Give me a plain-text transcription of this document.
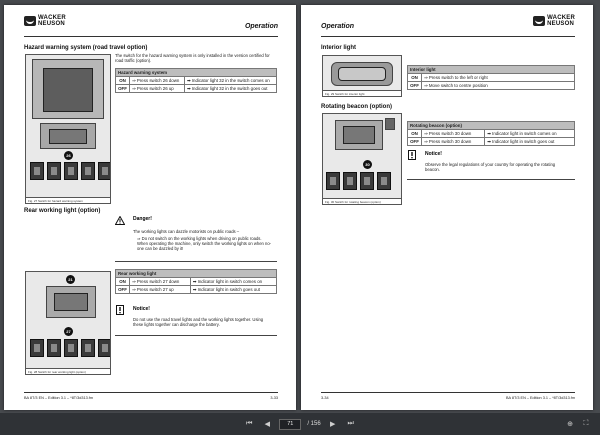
WACKER
NEUSON	Operation
Hazard warning system (road travel option)
The switch for the hazard warning system is only installed in the version certified for road traffic (option).
26
Fig. 27 Switch for hazard warning system
Hazard warning system		
ON	⇒ Press switch 26 down	➡ Indicator light 32 in the switch comes on
OFF	⇒ Press switch 26 up	➡ Indicator light 32 in the switch goes out
Rear working light (option)
Danger!
The working lights can dazzle motorists on public roads –
⇒ Do not switch on the working lights when driving on public roads. When operating the machine, only switch the working lights on when no-one can be dazzled by it!
21
27
Fig. 28 Switch for rear working light (option)
Rear working light		
ON	⇒ Press switch 27 down	➡ Indicator light in switch comes on
OFF	⇒ Press switch 27 up	➡ Indicator light in switch goes out
Notice!
Do not use the road travel lights and the working lights together. Using these lights together can discharge the battery.
BA 8T/3 EN – Edition 3.1 – *8T/3d313.fm	3-33
Operation
WACKER
NEUSON
Interior light
Fig. 29 Switch for interior light
Interior light	
ON	⇒ Press switch to the left or right
OFF	⇒ Move switch to centre position
Rotating beacon (option)
30
Fig. 30 Switch for rotating beacon (option)
Rotating beacon (option)		
ON	⇒ Press switch 30 down	➡ Indicator light in switch comes on
OFF	⇒ Press switch 30 down	➡ Indicator light in switch goes out
Notice!
Observe the legal regulations of your country for operating the rotating beacon.
3-34	BA 8T/3 EN – Edition 3.1 – *8T/3d313.fm
⏮	◀
71	/ 156	▶	⏭	⊕	⛶
